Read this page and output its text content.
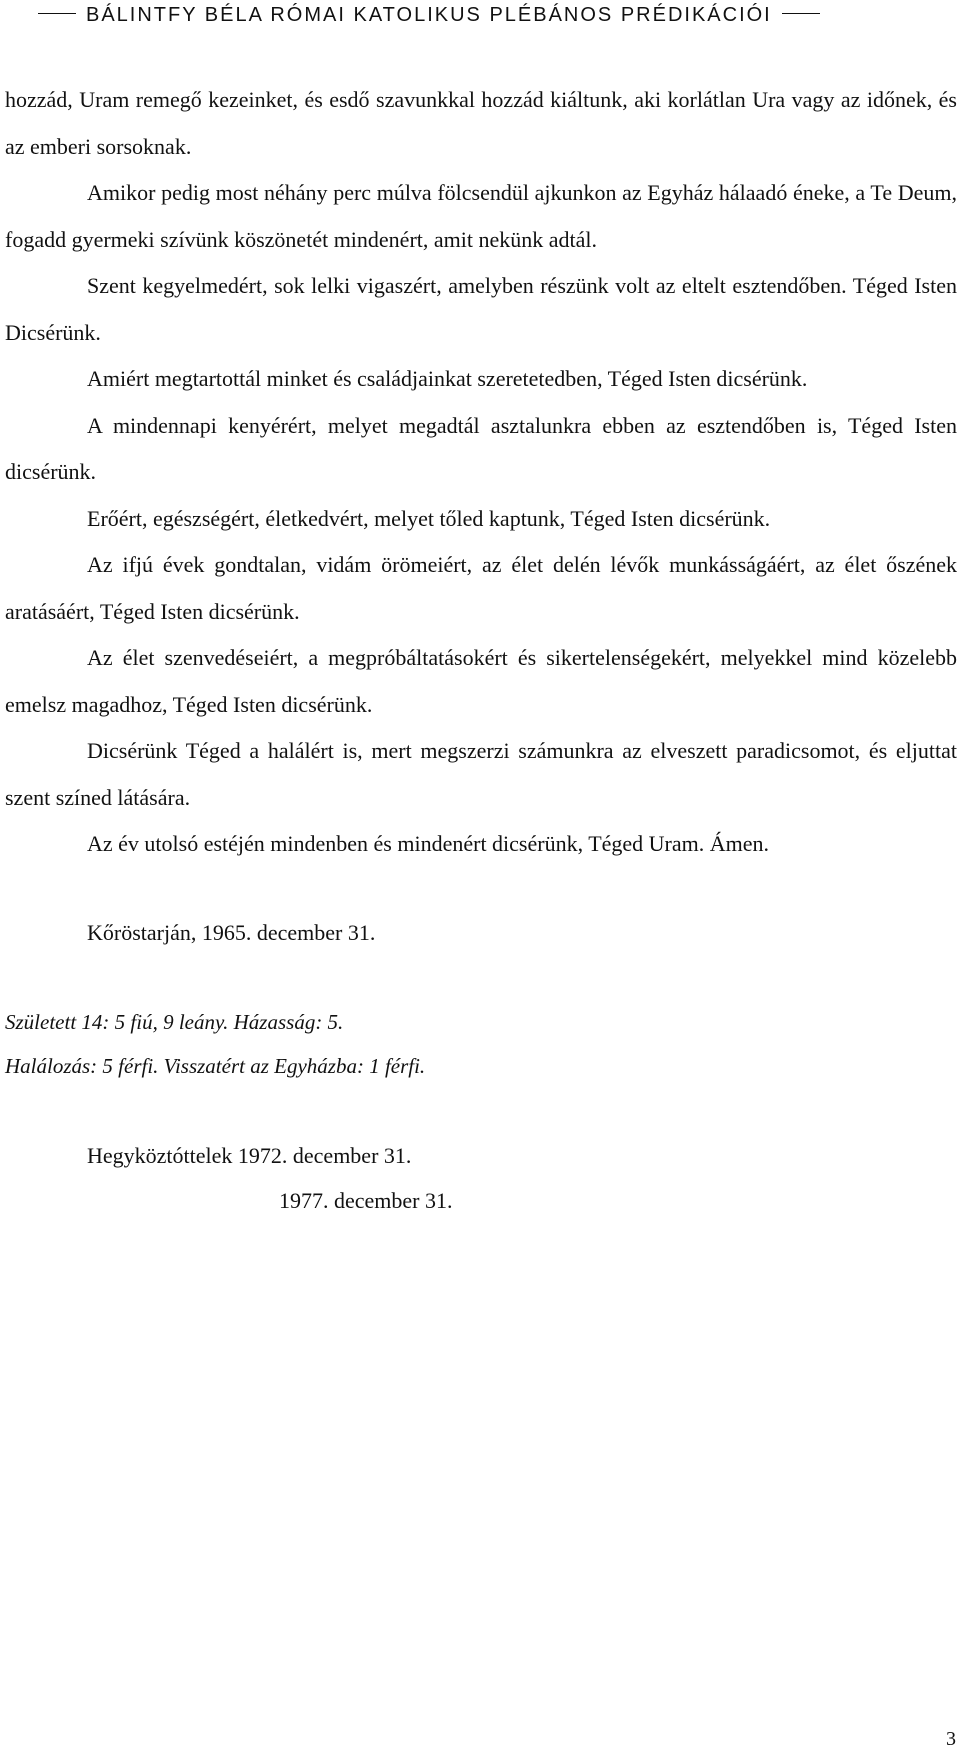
BÁLINTFY BÉLA RÓMAI KATOLIKUS PLÉBÁNOS PRÉDIKÁCIÓI

hozzád, Uram remegő kezeinket, és esdő szavunkkal hozzád kiáltunk, aki korlátlan Ura vagy az időnek, és az emberi sorsoknak.

Amikor pedig most néhány perc múlva fölcsendül ajkunkon az Egyház hálaadó éneke, a Te Deum, fogadd gyermeki szívünk köszönetét mindenért, amit nekünk adtál.

Szent kegyelmedért, sok lelki vigaszért, amelyben részünk volt az eltelt esztendőben. Téged Isten Dicsérünk.

Amiért megtartottál minket és családjainkat szeretetedben, Téged Isten dicsérünk.

A mindennapi kenyérért, melyet megadtál asztalunkra ebben az esztendőben is, Téged Isten dicsérünk.

Erőért, egészségért, életkedvért, melyet tőled kaptunk, Téged Isten dicsérünk.

Az ifjú évek gondtalan, vidám örömeiért, az élet delén lévők munkásságáért, az élet őszének aratásáért, Téged Isten dicsérünk.

Az élet szenvedéseiért, a megpróbáltatásokért és sikertelenségekért, melyekkel mind közelebb emelsz magadhoz, Téged Isten dicsérünk.

Dicsérünk Téged a halálért is, mert megszerzi számunkra az elveszett paradicsomot, és eljuttat szent színed látására.

Az év utolsó estéjén mindenben és mindenért dicsérünk, Téged Uram. Ámen.

Kőröstarján, 1965. december 31.
Született 14: 5 fiú, 9 leány. Házasság: 5.
Halálozás: 5 férfi. Visszatért az Egyházba: 1 férfi.
Hegyköztóttelek 1972. december 31.
1977. december 31.
3
